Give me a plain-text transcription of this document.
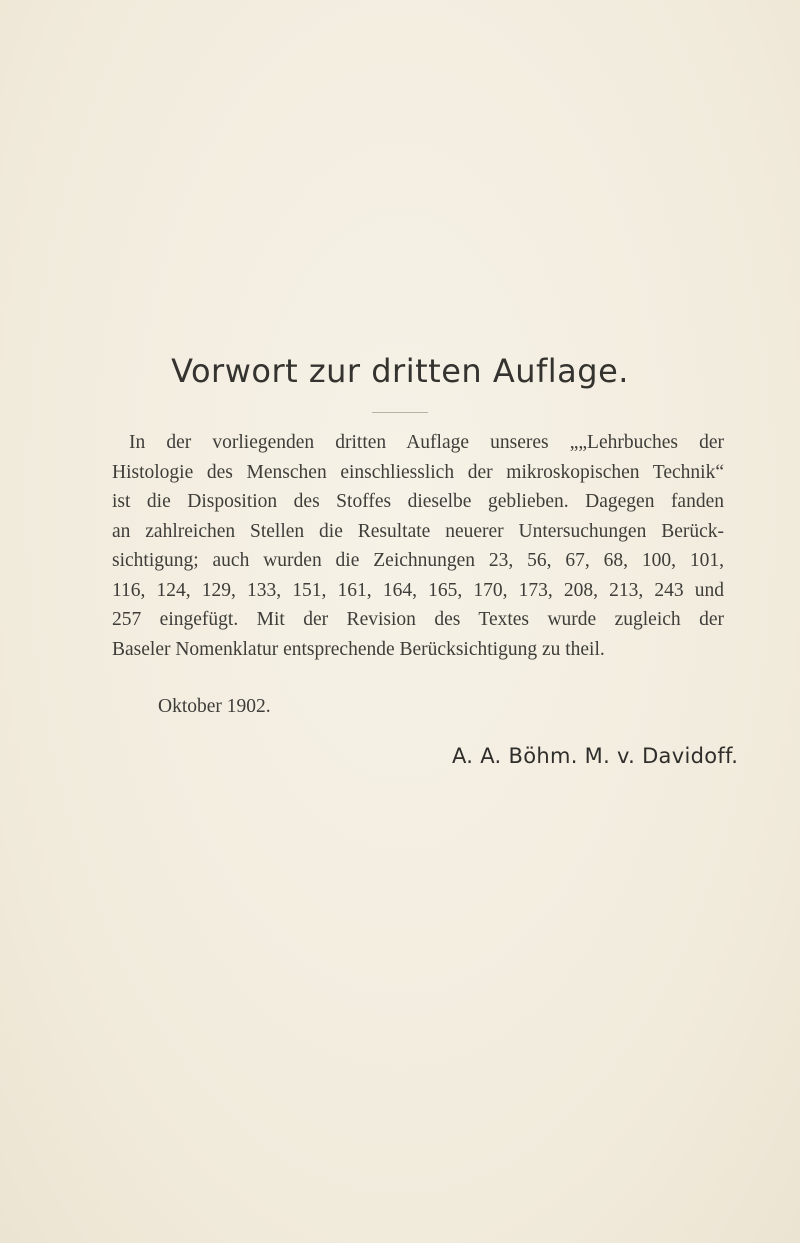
Vorwort zur dritten Auflage.
In der vorliegenden dritten Auflage unseres „„Lehrbuches der
Histologie des Menschen einschliesslich der mikroskopischen Technik“
ist die Disposition des Stoffes dieselbe geblieben. Dagegen fanden
an zahlreichen Stellen die Resultate neuerer Untersuchungen Berück-
sichtigung; auch wurden die Zeichnungen 23, 56, 67, 68, 100, 101,
116, 124, 129, 133, 151, 161, 164, 165, 170, 173, 208, 213, 243 und
257 eingefügt. Mit der Revision des Textes wurde zugleich der
Baseler Nomenklatur entsprechende Berücksichtigung zu theil.
Oktober 1902.
A. A. Böhm. M. v. Davidoff.
